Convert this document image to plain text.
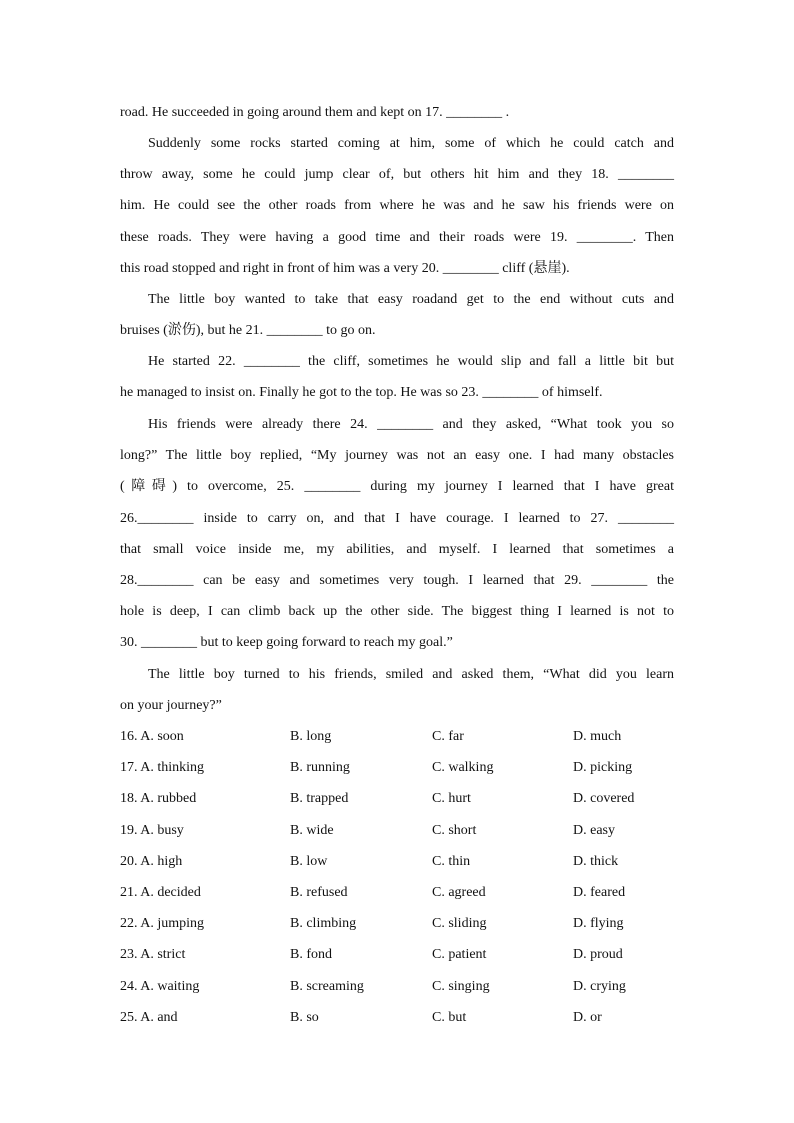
road. He succeeded in going around them and kept on 17. ________ .
Suddenly some rocks started coming at him, some of which he could catch and
throw away, some he could jump clear of, but others hit him and they 18. ________
him. He could see the other roads from where he was and he saw his friends were on
these roads. They were having a good time and their roads were 19. ________. Then
this road stopped and right in front of him was a very 20. ________ cliff (悬崖).
The little boy wanted to take that easy roadand get to the end without cuts and
bruises (淤伤), but he 21. ________ to go on.
He started 22. ________ the cliff, sometimes he would slip and fall a little bit but
he managed to insist on. Finally he got to the top. He was so 23. ________ of himself.
His friends were already there 24. ________ and they asked, “What took you so
long?” The little boy replied, “My journey was not an easy one. I had many obstacles
(障碍) to overcome, 25. ________ during my journey I learned that I have great
26.________ inside to carry on, and that I have courage. I learned to 27. ________
that small voice inside me, my abilities, and myself. I learned that sometimes a
28.________ can be easy and sometimes very tough. I learned that 29. ________ the
hole is deep, I can climb back up the other side. The biggest thing I learned is not to
30. ________ but to keep going forward to reach my goal.”
The little boy turned to his friends, smiled and asked them, “What did you learn
on your journey?”
16. A. soon	B. long	C. far	D. much
17. A. thinking	B. running	C. walking	D. picking
18. A. rubbed	B. trapped	C. hurt	D. covered
19. A. busy	B. wide	C. short	D. easy
20. A. high	B. low	C. thin	D. thick
21. A. decided	B. refused	C. agreed	D. feared
22. A. jumping	B. climbing	C. sliding	D. flying
23. A. strict	B. fond	C. patient	D. proud
24. A. waiting	B. screaming	C. singing	D. crying
25. A. and	B. so	C. but	D. or
